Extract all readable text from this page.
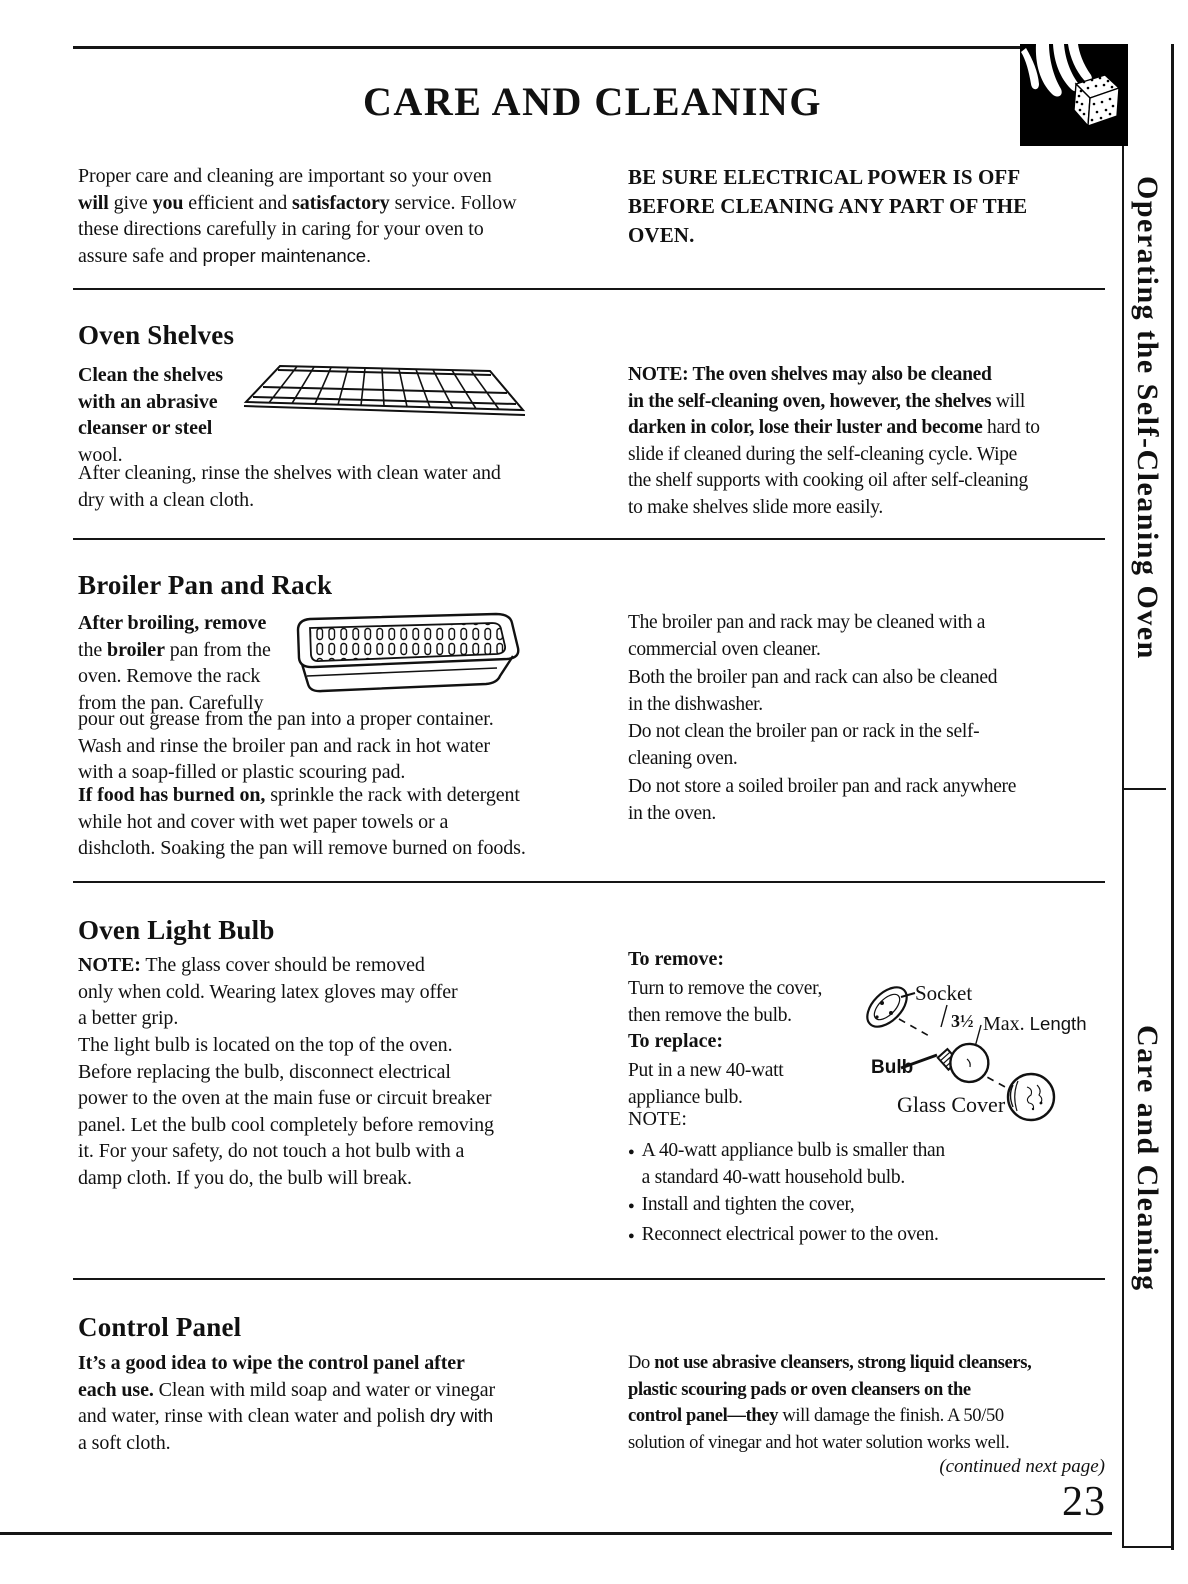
Operating the Self-Cleaning Oven
Care and Cleaning
CARE AND CLEANING
Proper care and cleaning are important so your oven
will give you efficient and satisfactory service. Follow
these directions carefully in caring for your oven to
assure safe and proper maintenance.
BE SURE ELECTRICAL POWER IS OFF
BEFORE CLEANING ANY PART OF THE
OVEN.
Oven Shelves
Clean the shelves
with an abrasive
cleanser or steel
wool.
After cleaning, rinse the shelves with clean water and
dry with a clean cloth.
NOTE: The oven shelves may also be cleaned
in the self-cleaning oven, however, the shelves will
darken in color, lose their luster and become hard to
slide if cleaned during the self-cleaning cycle. Wipe
the shelf supports with cooking oil after self-cleaning
to make shelves slide more easily.
Broiler Pan and Rack
After broiling, remove
the broiler pan from the
oven. Remove the rack
from the pan. Carefully
pour out grease from the pan into a proper container.
Wash and rinse the broiler pan and rack in hot water
with a soap-filled or plastic scouring pad.
If food has burned on, sprinkle the rack with detergent
while hot and cover with wet paper towels or a
dishcloth. Soaking the pan will remove burned on foods.
The broiler pan and rack may be cleaned with a
commercial oven cleaner.
Both the broiler pan and rack can also be cleaned
in the dishwasher.
Do not clean the broiler pan or rack in the self-
cleaning oven.
Do not store a soiled broiler pan and rack anywhere
in the oven.
Oven Light Bulb
NOTE: The glass cover should be removed
only when cold. Wearing latex gloves may offer
a better grip.
The light bulb is located on the top of the oven.
Before replacing the bulb, disconnect electrical
power to the oven at the main fuse or circuit breaker
panel. Let the bulb cool completely before removing
it. For your safety, do not touch a hot bulb with a
damp cloth. If you do, the bulb will break.
To remove:
Turn to remove the cover,
then remove the bulb.
To replace:
Put in a new 40-watt
appliance bulb.
NOTE:
Socket
3½ Max. Length
Bulb
Glass Cover
● A 40-watt appliance bulb is smaller than
a standard 40-watt household bulb.
● Install and tighten the cover,
● Reconnect electrical power to the oven.
Control Panel
It’s a good idea to wipe the control panel after
each use. Clean with mild soap and water or vinegar
and water, rinse with clean water and polish dry with
a soft cloth.
Do not use abrasive cleansers, strong liquid cleansers,
plastic scouring pads or oven cleansers on the
control panel—they will damage the finish. A 50/50
solution of vinegar and hot water solution works well.
(continued next page)
23
